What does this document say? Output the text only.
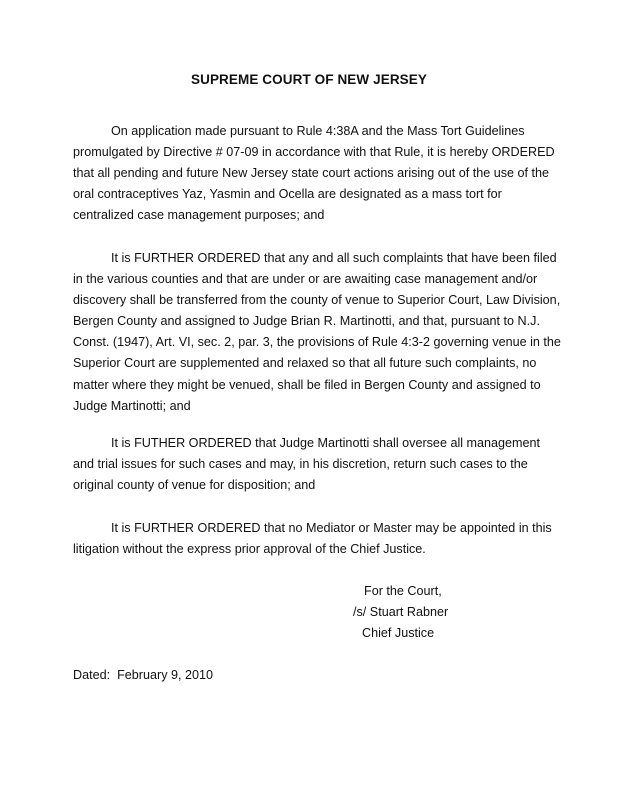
SUPREME COURT OF NEW JERSEY
On application made pursuant to Rule 4:38A and the Mass Tort Guidelines
promulgated by Directive # 07-09 in accordance with that Rule, it is hereby ORDERED
that all pending and future New Jersey state court actions arising out of the use of the
oral contraceptives Yaz, Yasmin and Ocella are designated as a mass tort for
centralized case management purposes; and
It is FURTHER ORDERED that any and all such complaints that have been filed
in the various counties and that are under or are awaiting case management and/or
discovery shall be transferred from the county of venue to Superior Court, Law Division,
Bergen County and assigned to Judge Brian R. Martinotti, and that, pursuant to N.J.
Const. (1947), Art. VI, sec. 2, par. 3, the provisions of Rule 4:3-2 governing venue in the
Superior Court are supplemented and relaxed so that all future such complaints, no
matter where they might be venued, shall be filed in Bergen County and assigned to
Judge Martinotti; and
It is FUTHER ORDERED that Judge Martinotti shall oversee all management
and trial issues for such cases and may, in his discretion, return such cases to the
original county of venue for disposition; and
It is FURTHER ORDERED that no Mediator or Master may be appointed in this
litigation without the express prior approval of the Chief Justice.
For the Court,
/s/ Stuart Rabner
Chief Justice
Dated:  February 9, 2010
